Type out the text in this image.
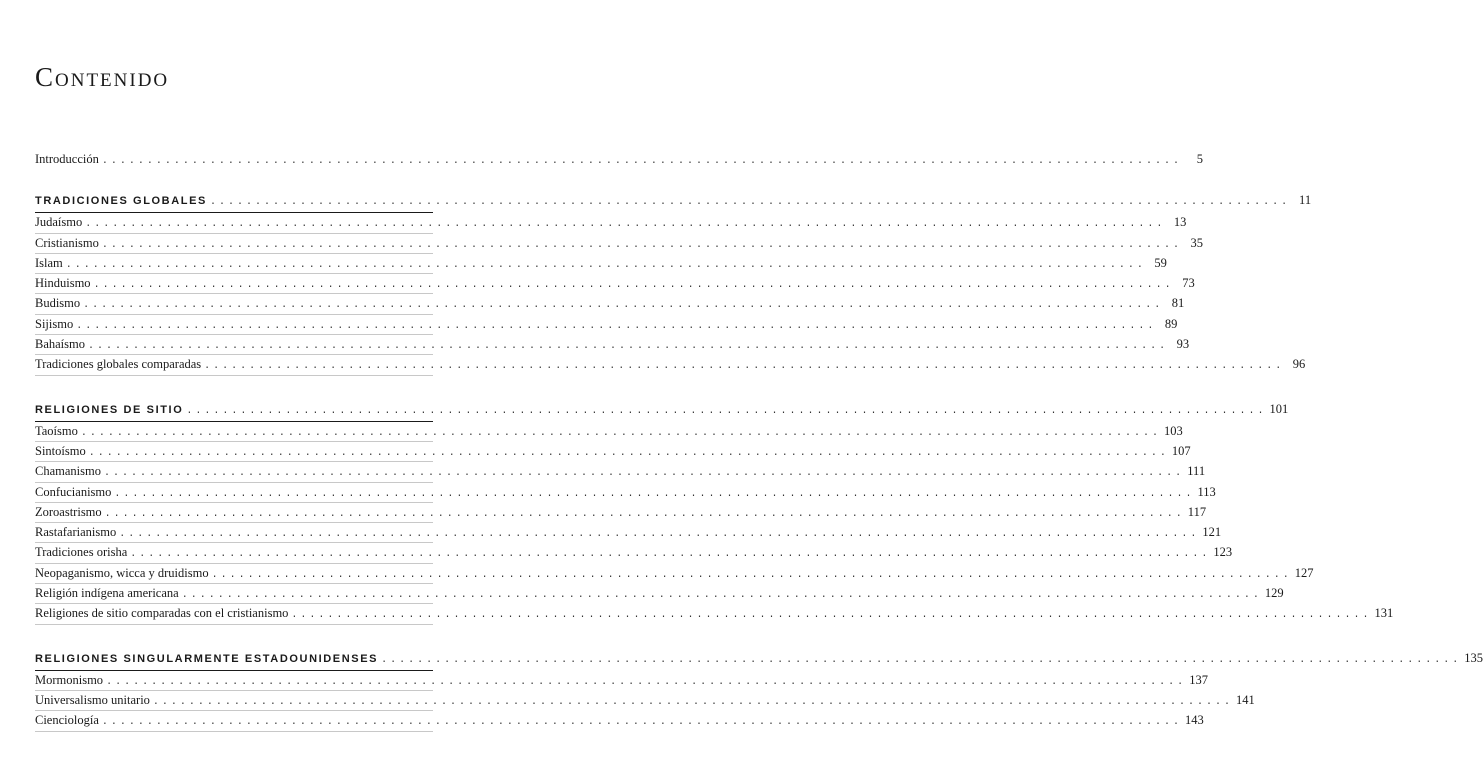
Contenido
Introducción ........................................................................................................................	5
TRADICIONES GLOBALES ........................................................................................................................ 11
Judaísmo ........................................................................................................................ 13
Cristianismo ........................................................................................................................ 35
Islam ........................................................................................................................ 59
Hinduismo ........................................................................................................................ 73
Budismo ........................................................................................................................ 81
Sijismo ........................................................................................................................ 89
Bahaísmo ........................................................................................................................ 93
Tradiciones globales comparadas ........................................................................................................................ 96
RELIGIONES DE SITIO ........................................................................................................................ 101
Taoísmo ........................................................................................................................ 103
Sintoísmo ........................................................................................................................ 107
Chamanismo ........................................................................................................................ 111
Confucianismo ........................................................................................................................ 113
Zoroastrismo ........................................................................................................................ 117
Rastafarianismo ........................................................................................................................ 121
Tradiciones orisha ........................................................................................................................ 123
Neopaganismo, wicca y druidismo ........................................................................................................................ 127
Religión indígena americana ........................................................................................................................ 129
Religiones de sitio comparadas con el cristianismo ........................................................................................................................ 131
RELIGIONES SINGULARMENTE ESTADOUNIDENSES ........................................................................................................................ 135
Mormonismo ........................................................................................................................ 137
Universalismo unitario ........................................................................................................................ 141
Cienciología ........................................................................................................................ 143
